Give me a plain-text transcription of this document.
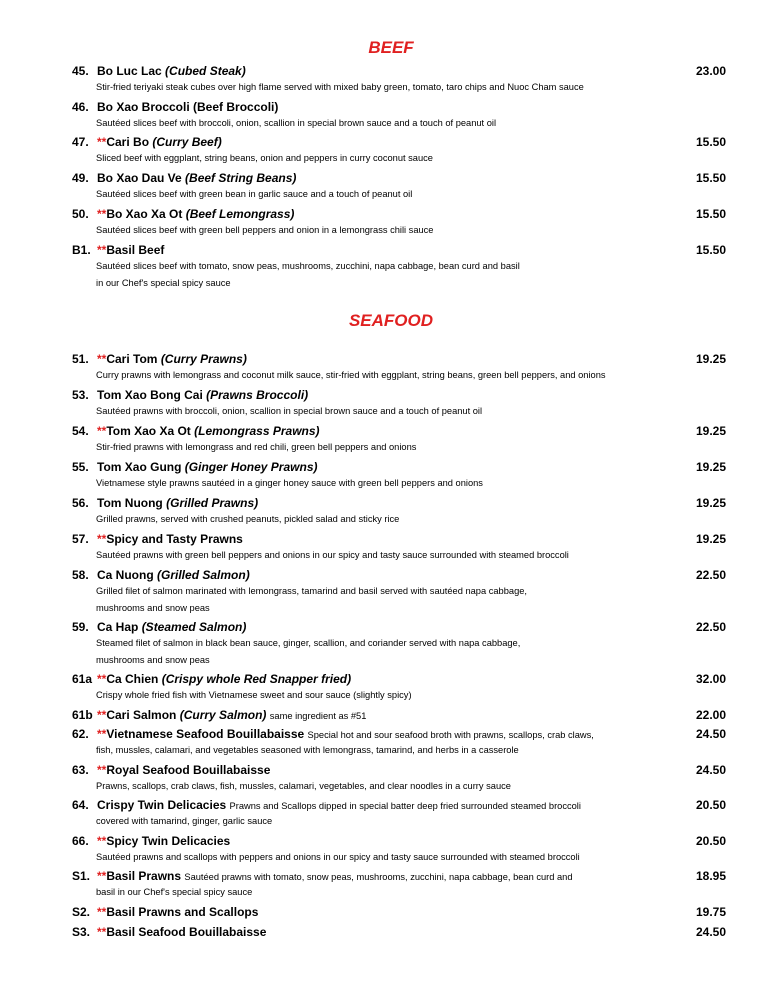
BEEF
45. Bo Luc Lac (Cubed Steak)	23.00
Stir-fried teriyaki steak cubes over high flame served with mixed baby green, tomato, taro chips and Nuoc Cham sauce
46. Bo Xao Broccoli (Beef Broccoli)
Sautéed slices beef with broccoli, onion, scallion in special brown sauce and a touch of peanut oil
47. **Cari Bo (Curry Beef)	15.50
Sliced beef with eggplant, string beans, onion and peppers in curry coconut sauce
49. Bo Xao Dau Ve (Beef String Beans)	15.50
Sautéed slices beef with green bean in garlic sauce and a touch of peanut oil
50. **Bo Xao Xa Ot (Beef Lemongrass)	15.50
Sautéed slices beef with green bell peppers and onion in a lemongrass chili sauce
B1. **Basil Beef	15.50
Sautéed slices beef with tomato, snow peas, mushrooms, zucchini, napa cabbage, bean curd and basil
in our Chef's special spicy sauce
SEAFOOD
51. **Cari Tom (Curry Prawns)	19.25
Curry prawns with lemongrass and coconut milk sauce, stir-fried with eggplant, string beans, green bell peppers, and onions
53. Tom Xao Bong Cai (Prawns Broccoli)
Sautéed prawns with broccoli, onion, scallion in special brown sauce and a touch of peanut oil
54. **Tom Xao Xa Ot (Lemongrass Prawns)	19.25
Stir-fried prawns with lemongrass and red chili, green bell peppers and onions
55. Tom Xao Gung (Ginger Honey Prawns)	19.25
Vietnamese style prawns sautéed in a ginger honey sauce with green bell peppers and onions
56. Tom Nuong (Grilled Prawns)	19.25
Grilled prawns, served with crushed peanuts, pickled salad and sticky rice
57. **Spicy and Tasty Prawns	19.25
Sautéed prawns with green bell peppers and onions in our spicy and tasty sauce surrounded with steamed broccoli
58. Ca Nuong (Grilled Salmon)	22.50
Grilled filet of salmon marinated with lemongrass, tamarind and basil served with sautéed napa cabbage,
mushrooms and snow peas
59. Ca Hap (Steamed Salmon)	22.50
Steamed filet of salmon in black bean sauce, ginger, scallion, and coriander served with napa cabbage,
mushrooms and snow peas
61a **Ca Chien (Crispy whole Red Snapper fried)	32.00
Crispy whole fried fish with Vietnamese sweet and sour sauce (slightly spicy)
61b **Cari Salmon (Curry Salmon) same ingredient as #51	22.00
62. **Vietnamese Seafood Bouillabaisse Special hot and sour seafood broth with prawns, scallops, crab claws,	24.50
fish, mussles, calamari, and vegetables seasoned with lemongrass, tamarind, and herbs in a casserole
63. **Royal Seafood Bouillabaisse	24.50
Prawns, scallops, crab claws, fish, mussles, calamari, vegetables, and clear noodles in a curry sauce
64. Crispy Twin Delicacies Prawns and Scallops dipped in special batter deep fried surrounded steamed broccoli	20.50
covered with tamarind, ginger, garlic sauce
66. **Spicy Twin Delicacies	20.50
Sautéed prawns and scallops with peppers and onions in our spicy and tasty sauce surrounded with steamed broccoli
S1. **Basil Prawns Sautéed prawns with tomato, snow peas, mushrooms, zucchini, napa cabbage, bean curd and	18.95
basil in our Chef's special spicy sauce
S2. **Basil Prawns and Scallops	19.75
S3. **Basil Seafood Bouillabaisse	24.50
